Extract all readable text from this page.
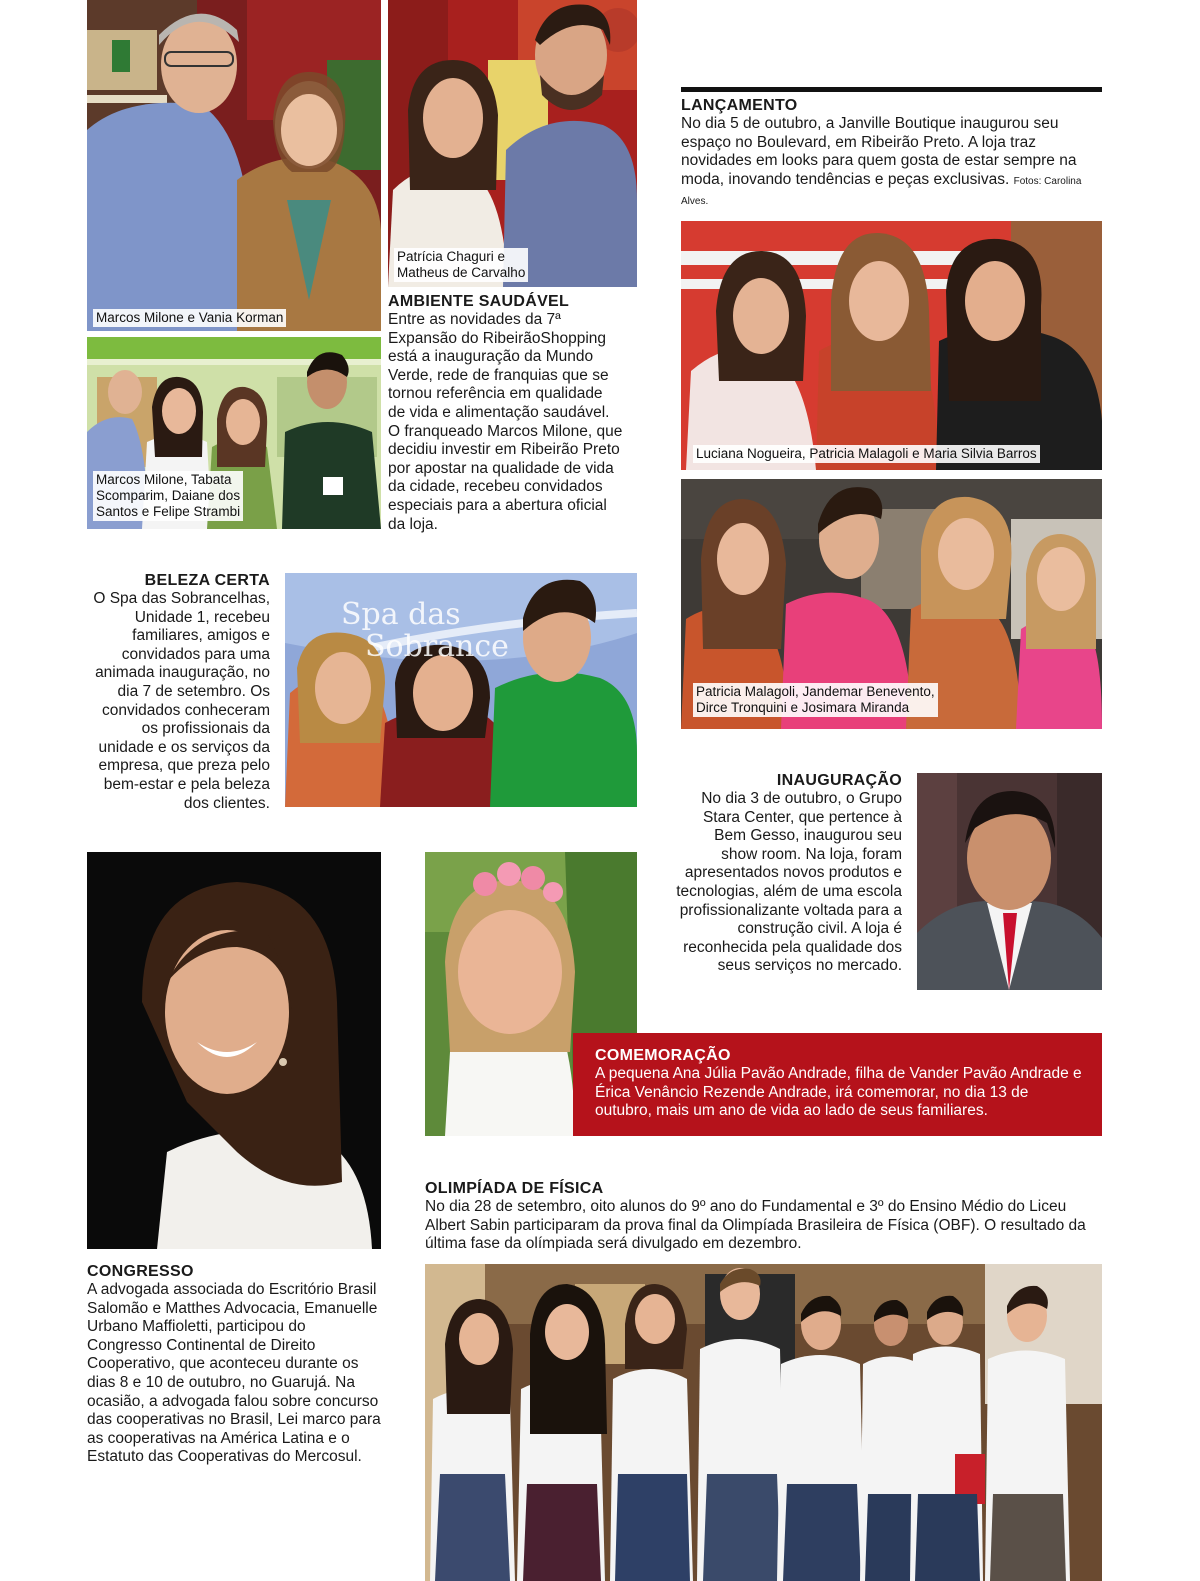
Marcos Milone e Vania Korman
Patrícia Chaguri e
Matheus de Carvalho
Marcos Milone, Tabata
Scomparim, Daiane dos
Santos e Felipe Strambi
AMBIENTE SAUDÁVEL

Entre as novidades da 7ª Expansão do RibeirãoShopping está a inauguração da Mundo Verde, rede de franquias que se tornou referência em qualidade de vida e alimentação saudável. O franqueado Marcos Milone, que decidiu investir em Ribeirão Preto por apostar na qualidade de vida da cidade, recebeu convidados especiais para a abertura oficial da loja.

LANÇAMENTO

No dia 5 de outubro, a Janville Boutique inaugurou seu espaço no Boulevard, em Ribeirão Preto. A loja traz novidades em looks para quem gosta de estar sempre na moda, inovando tendências e peças exclusivas. Fotos: Carolina Alves.

Luciana Nogueira, Patricia Malagoli e Maria Silvia Barros
Patricia Malagoli, Jandemar Benevento,
Dirce Tronquini e Josimara Miranda
BELEZA CERTA

O Spa das Sobrancelhas, Unidade 1, recebeu familiares, amigos e convidados para uma animada inauguração, no dia 7 de setembro. Os convidados conheceram os profissionais da unidade e os serviços da empresa, que preza pelo bem-estar e pela beleza dos clientes.

Spa das
Sobrance
INAUGURAÇÃO

No dia 3 de outubro, o Grupo Stara Center, que pertence à Bem Gesso, inaugurou seu show room. Na loja, foram apresentados novos produtos e tecnologias, além de uma escola profissionalizante voltada para a construção civil. A loja é reconhecida pela qualidade dos seus serviços no mercado.

COMEMORAÇÃO

A pequena Ana Júlia Pavão Andrade, filha de Vander Pavão Andrade e Érica Venâncio Rezende Andrade, irá comemorar, no dia 13 de outubro, mais um ano de vida ao lado de seus familiares.

OLIMPÍADA DE FÍSICA

No dia 28 de setembro, oito alunos do 9º ano do Fundamental e 3º do Ensino Médio do Liceu Albert Sabin participaram da prova final da Olimpíada Brasileira de Física (OBF). O resultado da última fase da olímpiada será divulgado em dezembro.

CONGRESSO

A advogada associada do Escritório Brasil Salomão e Matthes Advocacia, Emanuelle Urbano Maffioletti, participou do Congresso Continental de Direito Cooperativo, que aconteceu durante os dias 8 e 10 de outubro, no Guarujá. Na ocasião, a advogada falou sobre concurso das cooperativas no Brasil, Lei marco para as cooperativas na América Latina e o Estatuto das Cooperativas do Mercosul.
